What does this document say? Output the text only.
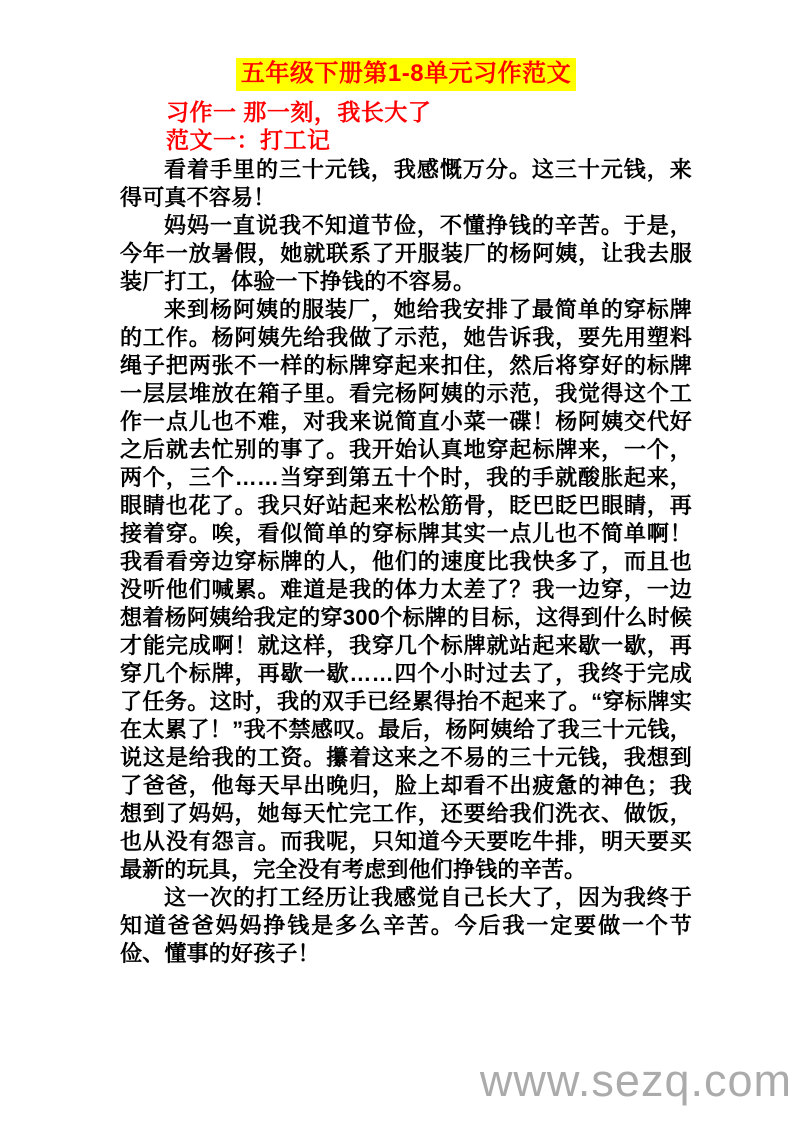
五年级下册第1-8单元习作范文
习作一 那一刻，我长大了
范文一：打工记

看着手里的三十元钱，我感慨万分。这三十元钱，来得可真不容易！

妈妈一直说我不知道节俭，不懂挣钱的辛苦。于是，今年一放暑假，她就联系了开服装厂的杨阿姨，让我去服装厂打工，体验一下挣钱的不容易。

来到杨阿姨的服装厂，她给我安排了最简单的穿标牌的工作。杨阿姨先给我做了示范，她告诉我，要先用塑料绳子把两张不一样的标牌穿起来扣住，然后将穿好的标牌一层层堆放在箱子里。看完杨阿姨的示范，我觉得这个工作一点儿也不难，对我来说简直小菜一碟！杨阿姨交代好之后就去忙别的事了。我开始认真地穿起标牌来，一个，两个，三个……当穿到第五十个时，我的手就酸胀起来，眼睛也花了。我只好站起来松松筋骨，眨巴眨巴眼睛，再接着穿。唉，看似简单的穿标牌其实一点儿也不简单啊！我看看旁边穿标牌的人，他们的速度比我快多了，而且也没听他们喊累。难道是我的体力太差了？我一边穿，一边想着杨阿姨给我定的穿300个标牌的目标，这得到什么时候才能完成啊！就这样，我穿几个标牌就站起来歇一歇，再穿几个标牌，再歇一歇……四个小时过去了，我终于完成了任务。这时，我的双手已经累得抬不起来了。“穿标牌实在太累了！”我不禁感叹。最后，杨阿姨给了我三十元钱，说这是给我的工资。攥着这来之不易的三十元钱，我想到了爸爸，他每天早出晚归，脸上却看不出疲惫的神色；我想到了妈妈，她每天忙完工作，还要给我们洗衣、做饭，也从没有怨言。而我呢，只知道今天要吃牛排，明天要买最新的玩具，完全没有考虑到他们挣钱的辛苦。

这一次的打工经历让我感觉自己长大了，因为我终于知道爸爸妈妈挣钱是多么辛苦。今后我一定要做一个节俭、懂事的好孩子！

www.sezq.com
